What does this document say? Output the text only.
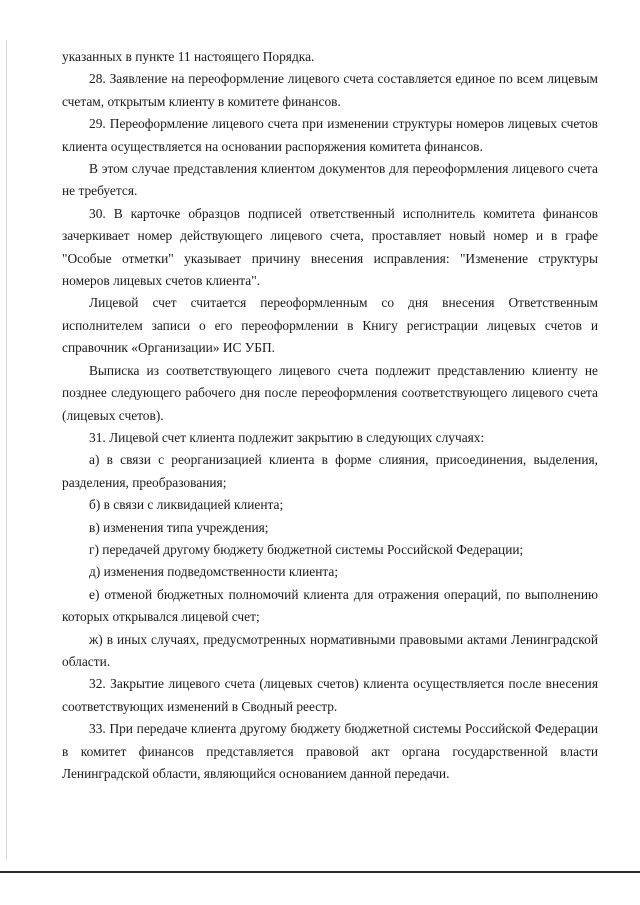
указанных в пункте 11 настоящего Порядка.

28. Заявление на переоформление лицевого счета составляется единое по всем лицевым счетам, открытым клиенту в комитете финансов.

29. Переоформление лицевого счета при изменении структуры номеров лицевых счетов клиента осуществляется на основании распоряжения комитета финансов.

В этом случае представления клиентом документов для переоформления лицевого счета не требуется.

30. В карточке образцов подписей ответственный исполнитель комитета финансов зачеркивает номер действующего лицевого счета, проставляет новый номер и в графе "Особые отметки" указывает причину внесения исправления: "Изменение структуры номеров лицевых счетов клиента".

Лицевой счет считается переоформленным со дня внесения Ответственным исполнителем записи о его переоформлении в Книгу регистрации лицевых счетов и справочник «Организации» ИС УБП.

Выписка из соответствующего лицевого счета подлежит представлению клиенту не позднее следующего рабочего дня после переоформления соответствующего лицевого счета (лицевых счетов).

31. Лицевой счет клиента подлежит закрытию в следующих случаях:

а) в связи с реорганизацией клиента в форме слияния, присоединения, выделения, разделения, преобразования;

б) в связи с ликвидацией клиента;

в) изменения типа учреждения;

г) передачей другому бюджету бюджетной системы Российской Федерации;

д) изменения подведомственности клиента;

е) отменой бюджетных полномочий клиента для отражения операций, по выполнению которых открывался лицевой счет;

ж) в иных случаях, предусмотренных нормативными правовыми актами Ленинградской области.

32. Закрытие лицевого счета (лицевых счетов) клиента осуществляется после внесения соответствующих изменений в Сводный реестр.

33. При передаче клиента другому бюджету бюджетной системы Российской Федерации в комитет финансов представляется правовой акт органа государственной власти Ленинградской области, являющийся основанием данной передачи.
